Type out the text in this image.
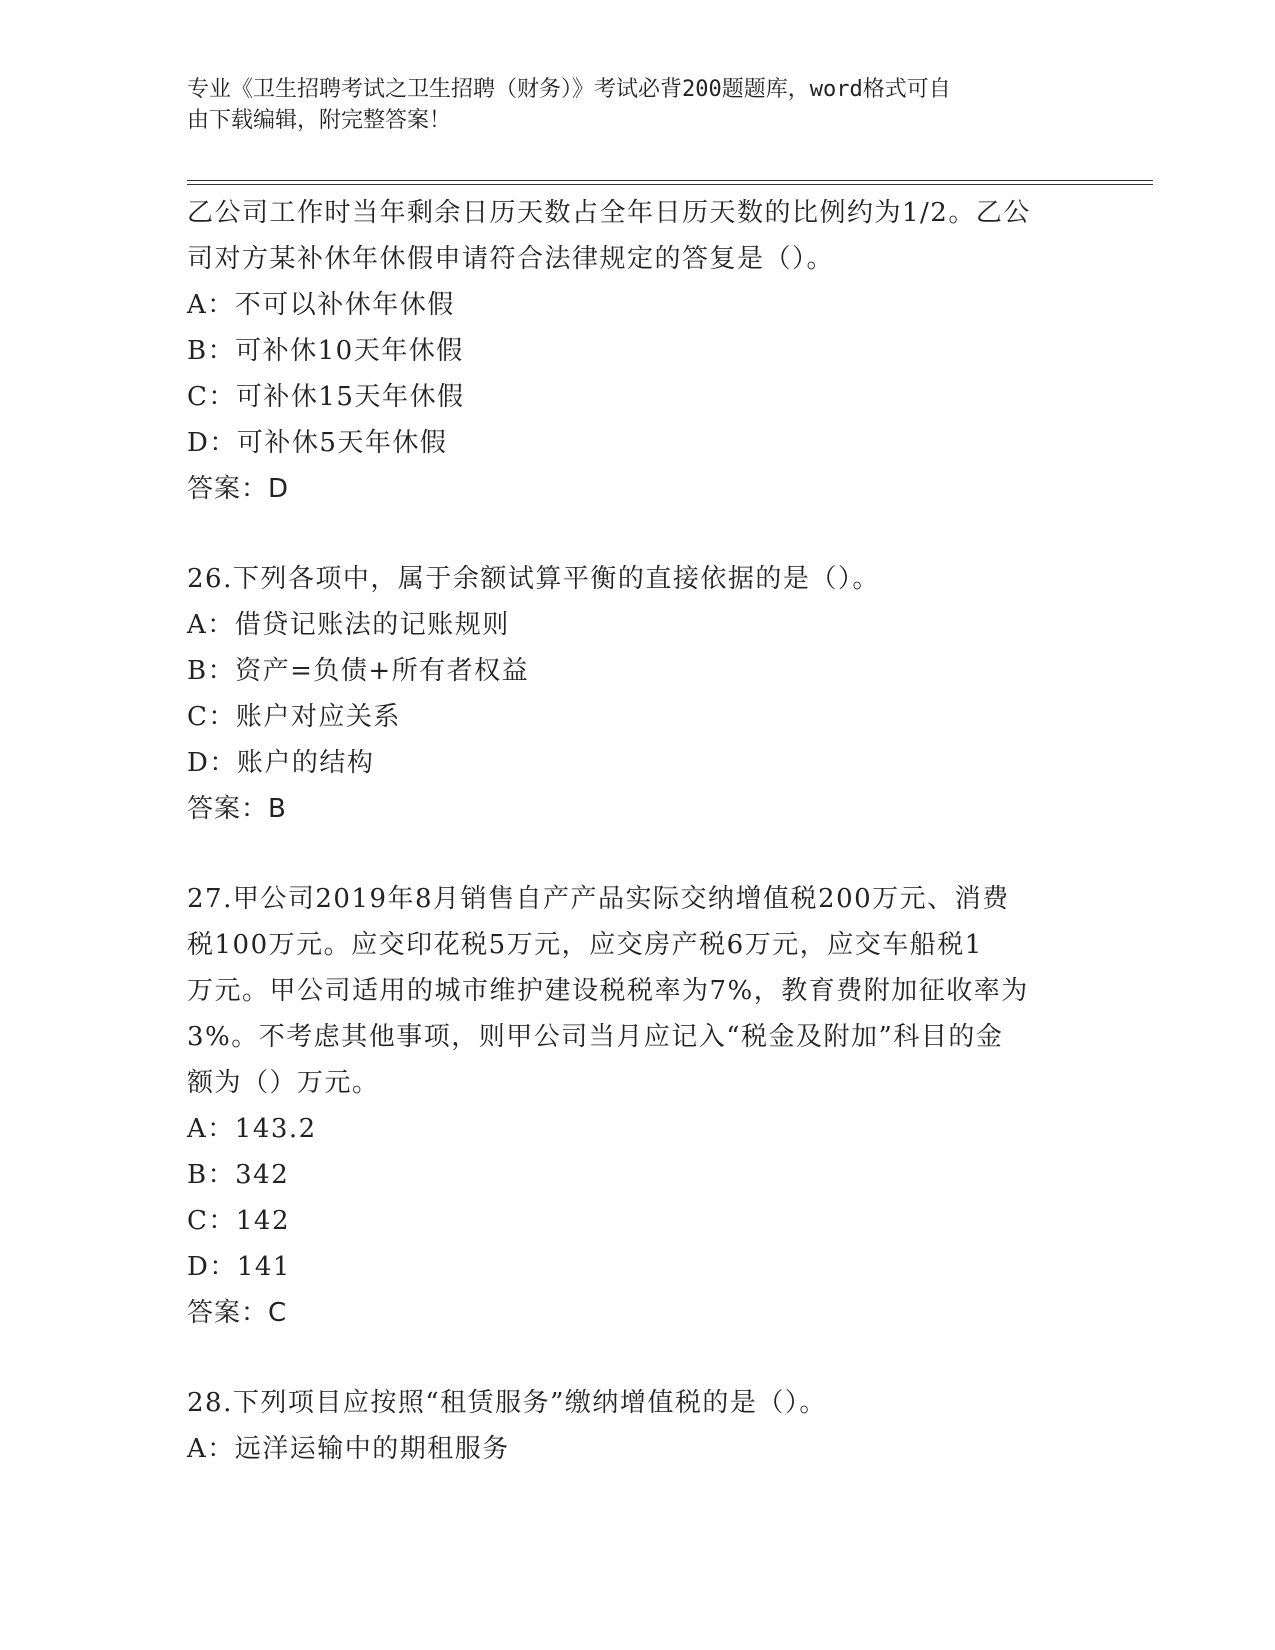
专业《卫生招聘考试之卫生招聘（财务）》考试必背200题题库，word格式可自
由下载编辑，附完整答案！
乙公司工作时当年剩余日历天数占全年日历天数的比例约为1/2。乙公
司对方某补休年休假申请符合法律规定的答复是（）。
A：不可以补休年休假
B：可补休10天年休假
C：可补休15天年休假
D：可补休5天年休假
答案：D
26.下列各项中，属于余额试算平衡的直接依据的是（）。
A：借贷记账法的记账规则
B：资产=负债+所有者权益
C：账户对应关系
D：账户的结构
答案：B
27.甲公司2019年8月销售自产产品实际交纳增值税200万元、消费
税100万元。应交印花税5万元，应交房产税6万元，应交车船税1
万元。甲公司适用的城市维护建设税税率为7%，教育费附加征收率为
3%。不考虑其他事项，则甲公司当月应记入“税金及附加”科目的金
额为（）万元。
A：143.2
B：342
C：142
D：141
答案：C
28.下列项目应按照“租赁服务”缴纳增值税的是（）。
A：远洋运输中的期租服务
